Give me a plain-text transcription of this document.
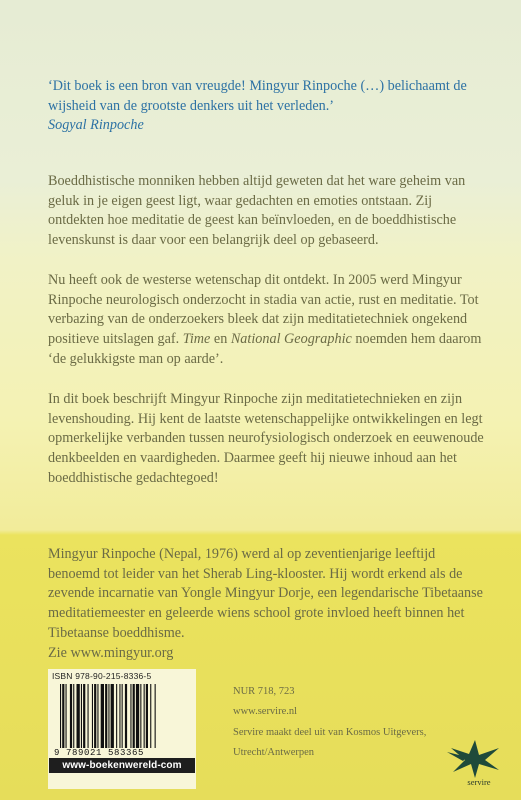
‘Dit boek is een bron van vreugde! Mingyur Rinpoche (…) belichaamt de wijsheid van de grootste denkers uit het verleden.’
Sogyal Rinpoche

Boeddhistische monniken hebben altijd geweten dat het ware geheim van geluk in je eigen geest ligt, waar gedachten en emoties ontstaan. Zij ontdekten hoe meditatie de geest kan beïnvloeden, en de boeddhistische levenskunst is daar voor een belangrijk deel op gebaseerd.

Nu heeft ook de westerse wetenschap dit ontdekt. In 2005 werd Mingyur Rinpoche neurologisch onderzocht in stadia van actie, rust en meditatie. Tot verbazing van de onderzoekers bleek dat zijn meditatietechniek ongekend positieve uitslagen gaf. Time en National Geographic noemden hem daarom ‘de gelukkigste man op aarde’.

In dit boek beschrijft Mingyur Rinpoche zijn meditatietechnieken en zijn levenshouding. Hij kent de laatste wetenschappelijke ontwikkelingen en legt opmerkelijke verbanden tussen neurofysiologisch onderzoek en eeuwenoude denkbeelden en vaardigheden. Daarmee geeft hij nieuwe inhoud aan het boeddhistische gedachtegoed!

Mingyur Rinpoche (Nepal, 1976) werd al op zeventienjarige leeftijd benoemd tot leider van het Sherab Ling-klooster. Hij wordt erkend als de zevende incarnatie van Yongle Mingyur Dorje, een legendarische Tibetaanse meditatiemeester en geleerde wiens school grote invloed heeft binnen het Tibetaanse boeddhisme.
Zie www.mingyur.org

ISBN 978-90-215-8336-5
9 789021 583365
www-boekenwereld-com
NUR 718, 723
www.servire.nl
Servire maakt deel uit van Kosmos Uitgevers,
Utrecht/Antwerpen
servire
